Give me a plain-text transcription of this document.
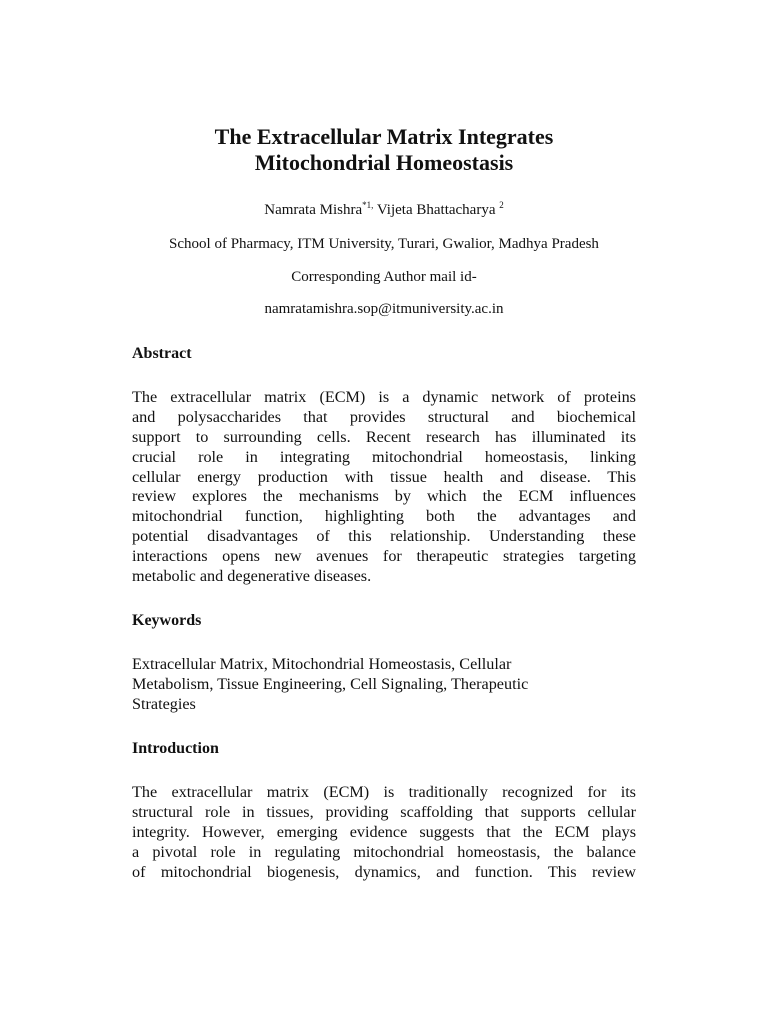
The Extracellular Matrix Integrates
Mitochondrial Homeostasis
Namrata Mishra$^{*1,}$ Vijeta Bhattacharya $^2$
School of Pharmacy, ITM University, Turari, Gwalior, Madhya Pradesh
Corresponding Author mail id-
namratamishra.sop@itmuniversity.ac.in
Abstract
The extracellular matrix (ECM) is a dynamic network of proteins
and polysaccharides that provides structural and biochemical
support to surrounding cells. Recent research has illuminated its
crucial role in integrating mitochondrial homeostasis, linking
cellular energy production with tissue health and disease. This
review explores the mechanisms by which the ECM influences
mitochondrial function, highlighting both the advantages and
potential disadvantages of this relationship. Understanding these
interactions opens new avenues for therapeutic strategies targeting
metabolic and degenerative diseases.
Keywords
Extracellular Matrix, Mitochondrial Homeostasis, Cellular
Metabolism, Tissue Engineering, Cell Signaling, Therapeutic
Strategies
Introduction
The extracellular matrix (ECM) is traditionally recognized for its
structural role in tissues, providing scaffolding that supports cellular
integrity. However, emerging evidence suggests that the ECM plays
a pivotal role in regulating mitochondrial homeostasis, the balance
of mitochondrial biogenesis, dynamics, and function. This review
